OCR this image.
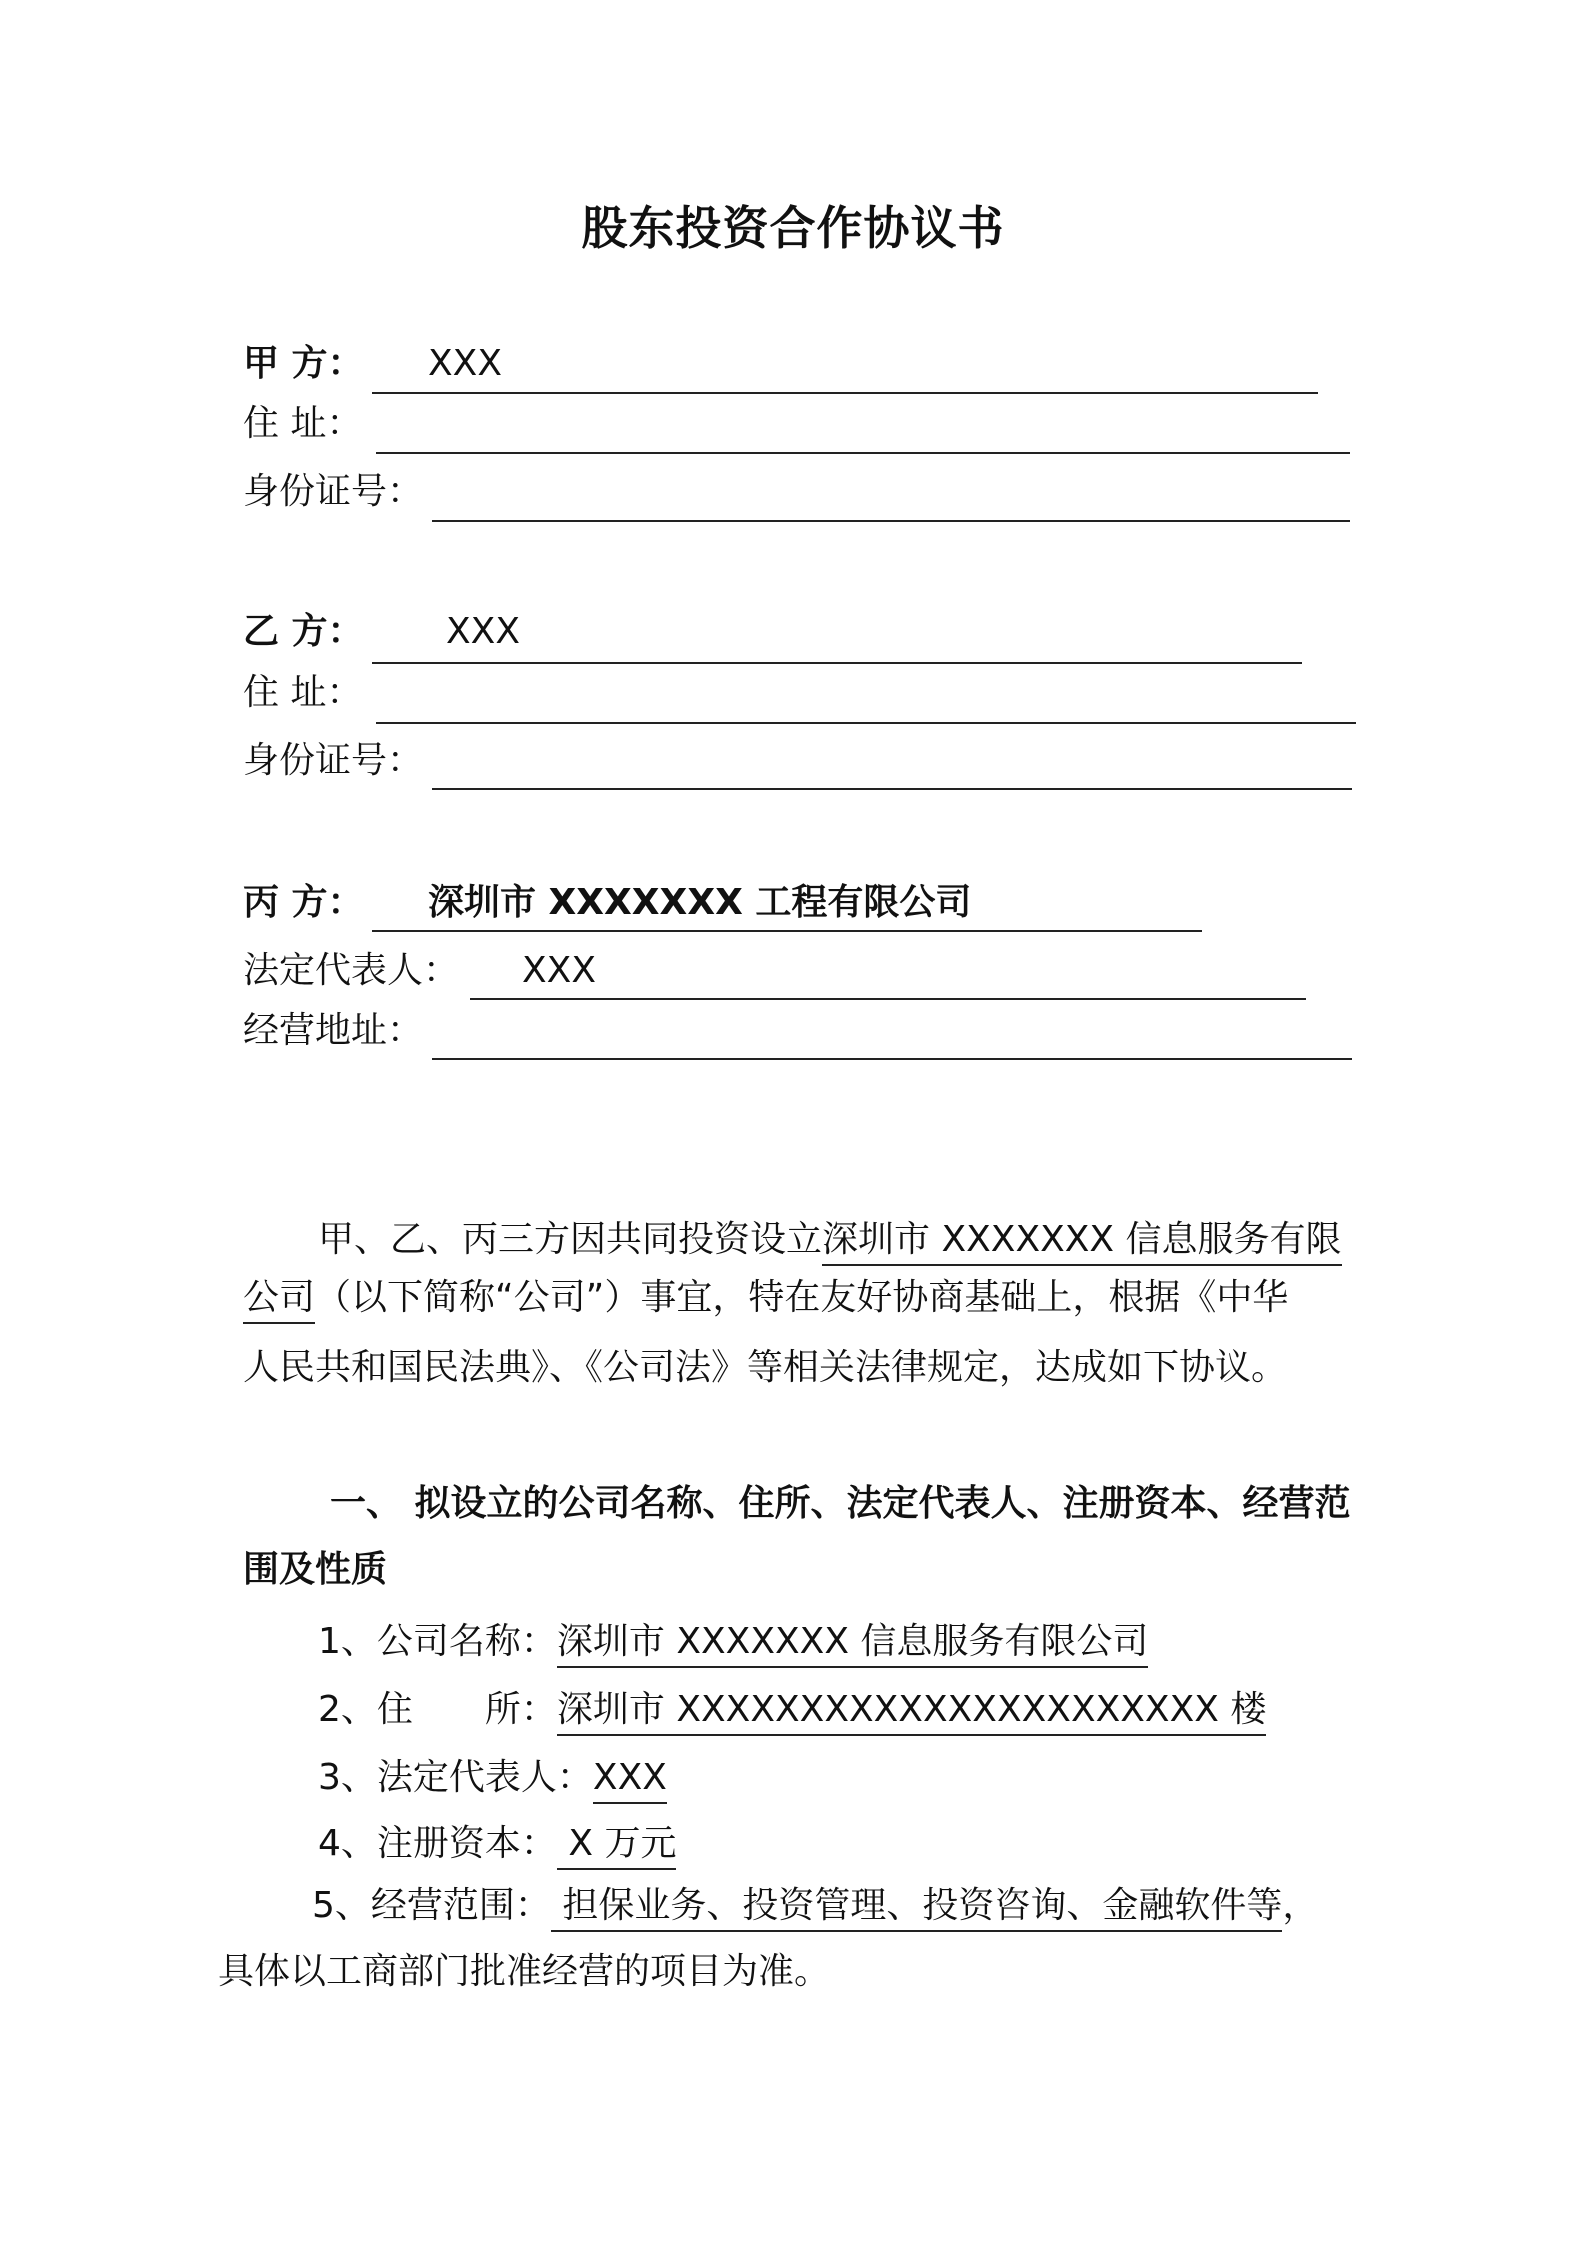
股东投资合作协议书
甲 方： XXX
住 址：
身份证号：
乙 方： XXX
住 址：
身份证号：
丙 方： 深圳市 XXXXXXX 工程有限公司
法定代表人： XXX
经营地址：
甲、乙、丙三方因共同投资设立深圳市 XXXXXXX 信息服务有限
公司（以下简称“公司”）事宜，特在友好协商基础上，根据《中华
人民共和国民法典》、《公司法》等相关法律规定，达成如下协议。
一、 拟设立的公司名称、住所、法定代表人、注册资本、经营范
围及性质
1、公司名称：深圳市 XXXXXXX 信息服务有限公司
2、住　　所：深圳市 XXXXXXXXXXXXXXXXXXXXXX 楼
3、法定代表人：XXX
4、注册资本： X 万元
5、经营范围： 担保业务、投资管理、投资咨询、金融软件等，
具体以工商部门批准经营的项目为准。
